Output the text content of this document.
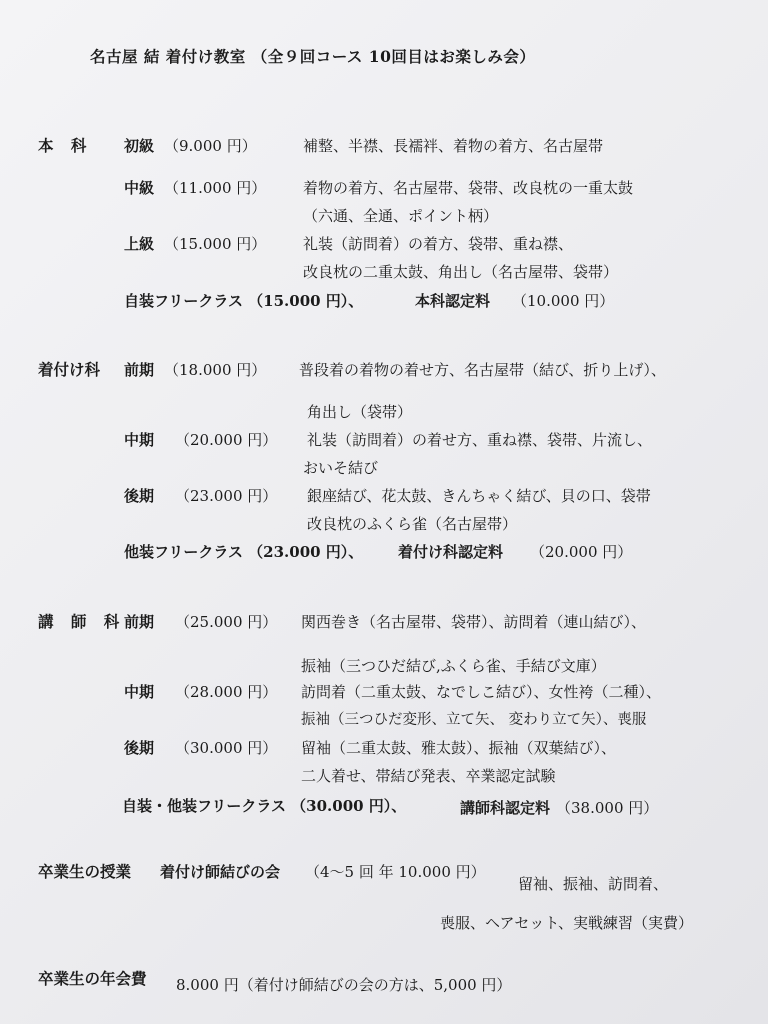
名古屋 結 着付け教室 （全９回コース 10回目はお楽しみ会）
本 科 初級 （9.000 円）	補整、半襟、長襦袢、着物の着方、名古屋帯
中級 （11.000 円） 着物の着方、名古屋帯、袋帯、改良枕の一重太鼓
（六通、全通、ポイント柄）
上級 （15.000 円） 礼装（訪問着）の着方、袋帯、重ね襟、
改良枕の二重太鼓、角出し（名古屋帯、袋帯）
自装フリークラス （15.000 円）、	本科認定料 （10.000 円）
着付け科 前期 （18.000 円） 普段着の着物の着せ方、名古屋帯（結び、折り上げ）、
角出し（袋帯）
中期 （20.000 円） 礼装（訪問着）の着せ方、重ね襟、袋帯、片流し、
おいそ結び
後期 （23.000 円） 銀座結び、花太鼓、きんちゃく結び、貝の口、袋帯
改良枕のふくら雀（名古屋帯）
他装フリークラス （23.000 円）、 着付け科認定料 （20.000 円）
講 師 科
前期 （25.000 円） 関西巻き（名古屋帯、袋帯）、訪問着（連山結び）、
振袖（三つひだ結び,ふくら雀、手結び文庫）
中期 （28.000 円） 訪問着（二重太鼓、なでしこ結び）、女性袴（二種）、
振袖（三つひだ変形、立て矢、 変わり立て矢）、喪服
後期 （30.000 円） 留袖（二重太鼓、雅太鼓）、振袖（双葉結び）、
二人着せ、帯結び発表、卒業認定試験
自装・他装フリークラス （30.000 円）、	講師科認定料 （38.000 円）
卒業生の授業 着付け師結びの会 （4～5 回 年 10.000 円）
留袖、振袖、訪問着、
喪服、ヘアセット、実戦練習（実費）
卒業生の年会費 8.000 円（着付け師結びの会の方は、5,000 円）
